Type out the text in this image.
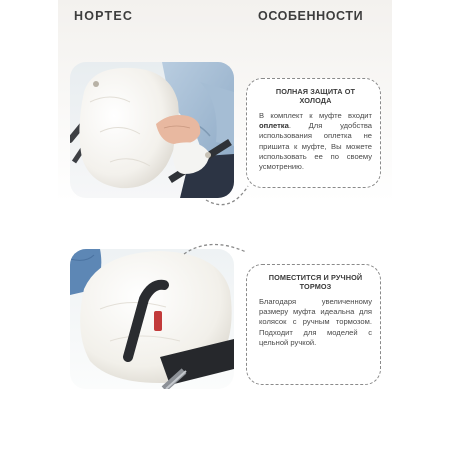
НОРТЕС	ОСОБЕННОСТИ
ПОЛНАЯ ЗАЩИТА ОТ ХОЛОДА
В комплект к муфте входит оплетка. Для удобства использования оплетка не пришита к муфте, Вы можете использовать ее по своему усмотрению.
ПОМЕСТИТСЯ И РУЧНОЙ ТОРМОЗ
Благодаря увеличенному размеру муфта идеальна для колясок с ручным тормозом. Подходит для моделей с цельной ручкой.
